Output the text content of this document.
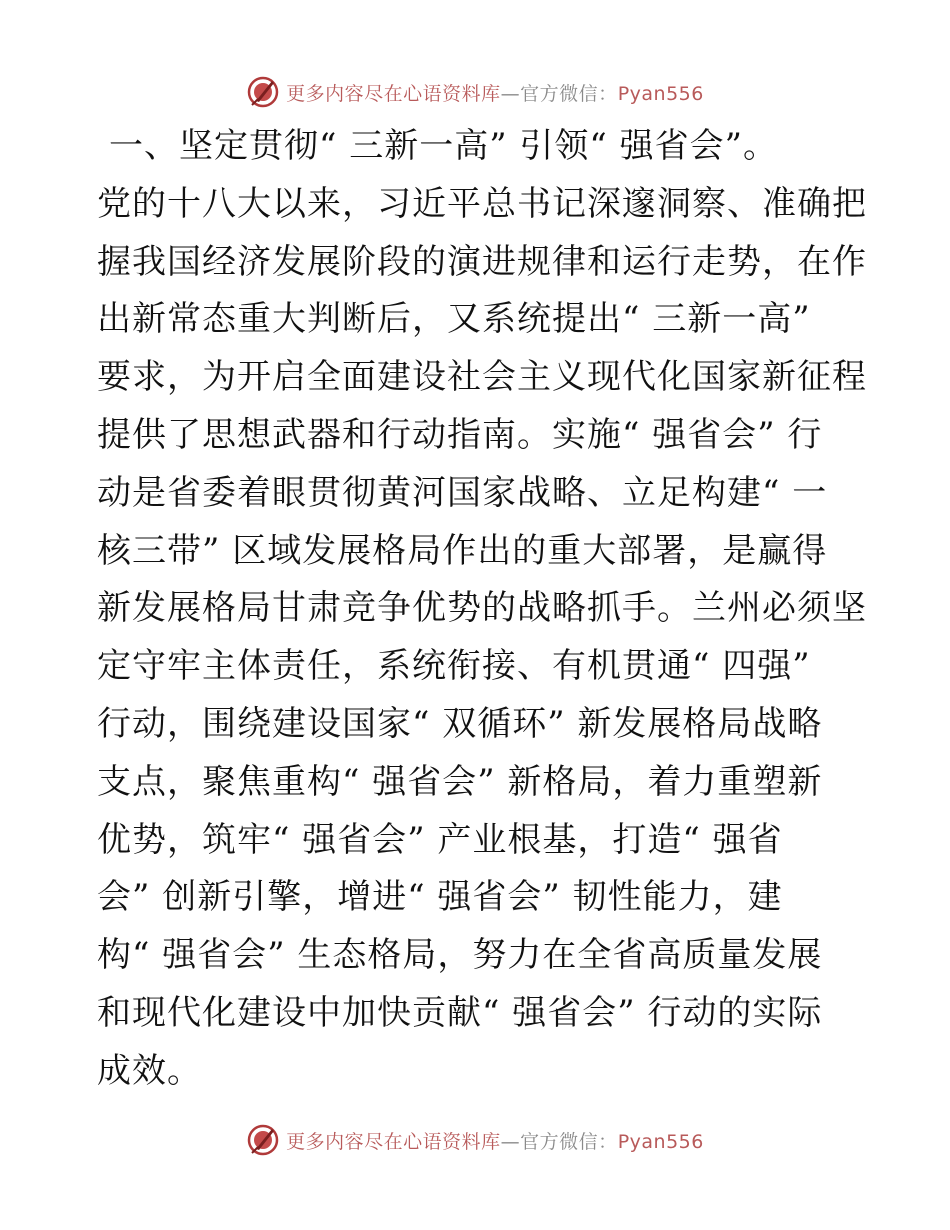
更多内容尽在心语资料库—官方微信：Pyan556
一、坚定贯彻“ 三新一高” 引领“ 强省会”。
党的十八大以来，习近平总书记深邃洞察、准确把
握我国经济发展阶段的演进规律和运行走势，在作
出新常态重大判断后，又系统提出“ 三新一高”
要求，为开启全面建设社会主义现代化国家新征程
提供了思想武器和行动指南。实施“ 强省会” 行
动是省委着眼贯彻黄河国家战略、立足构建“ 一
核三带” 区域发展格局作出的重大部署，是赢得
新发展格局甘肃竞争优势的战略抓手。兰州必须坚
定守牢主体责任，系统衔接、有机贯通“ 四强”
行动，围绕建设国家“ 双循环” 新发展格局战略
支点，聚焦重构“ 强省会” 新格局，着力重塑新
优势，筑牢“ 强省会” 产业根基，打造“ 强省
会” 创新引擎，增进“ 强省会” 韧性能力，建
构“ 强省会” 生态格局，努力在全省高质量发展
和现代化建设中加快贡献“ 强省会” 行动的实际
成效。
更多内容尽在心语资料库—官方微信：Pyan556
